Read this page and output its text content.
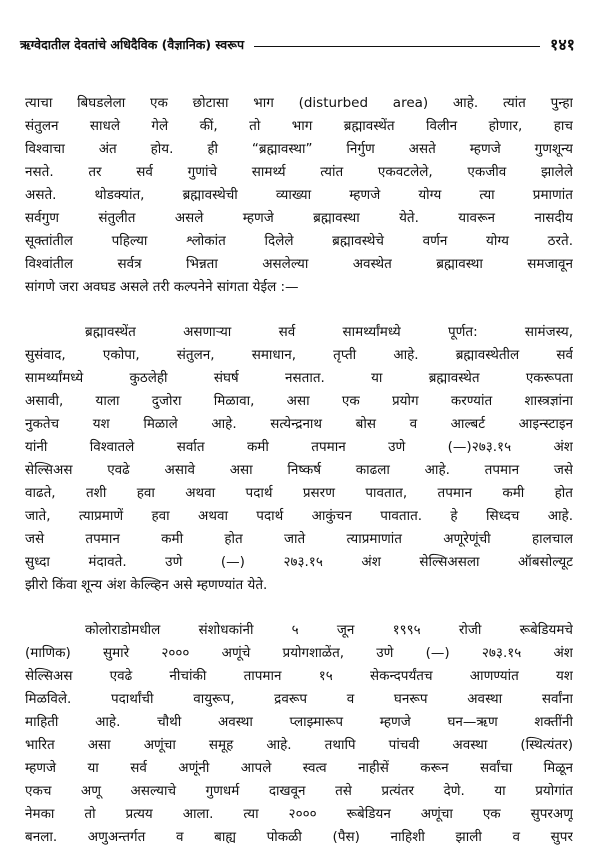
ऋग्वेदातील देवतांचे अधिदैविक (वैज्ञानिक) स्वरूप	१४१
त्याचा बिघडलेला एक छोटासा भाग (disturbed area) आहे. त्यांत पुन्हा
संतुलन साधले गेले कीं, तो भाग ब्रह्मावस्थेंत विलीन होणार, हाच
विश्वाचा अंत होय. ही “ब्रह्मावस्था” निर्गुण असते म्हणजे गुणशून्य
नसते. तर सर्व गुणांचे सामर्थ्य त्यांत एकवटलेले, एकजीव झालेले
असते. थोडक्यांत, ब्रह्मावस्थेची व्याख्या म्हणजे योग्य त्या प्रमाणांत
सर्वगुण संतुलीत असले म्हणजे ब्रह्मावस्था येते. यावरून नासदीय
सूक्तांतील पहिल्या श्लोकांत दिलेले ब्रह्मावस्थेचे वर्णन योग्य ठरते.
विश्वांतील सर्वत्र भिन्नता असलेल्या अवस्थेत ब्रह्मावस्था समजावून
सांगणे जरा अवघड असले तरी कल्पनेने सांगता येईल :—
ब्रह्मावस्थेंत असणाऱ्या सर्व सामर्थ्यांमध्ये पूर्णत: सामंजस्य,
सुसंवाद, एकोपा, संतुलन, समाधान, तृप्ती आहे. ब्रह्मावस्थेतील सर्व
सामर्थ्यांमध्ये कुठलेही संघर्ष नसतात. या ब्रह्मावस्थेत एकरूपता
असावी, याला दुजोरा मिळावा, असा एक प्रयोग करण्यांत शास्त्रज्ञांना
नुकतेच यश मिळाले आहे. सत्येन्द्रनाथ बोस व आल्बर्ट आइन्स्टाइन
यांनी विश्वातले सर्वात कमी तपमान उणे (—)२७३.१५ अंश
सेल्सिअस एवढे असावे असा निष्कर्ष काढला आहे. तपमान जसे
वाढते, तशी हवा अथवा पदार्थ प्रसरण पावतात, तपमान कमी होत
जाते, त्याप्रमाणें हवा अथवा पदार्थ आकुंचन पावतात. हे सिध्दच आहे.
जसे तपमान कमी होत जाते त्याप्रमाणांत अणूरेणूंची हालचाल
सुध्दा मंदावते. उणे (—) २७३.१५ अंश सेल्सिअसला ऑबसोल्यूट
झीरो किंवा शून्य अंश केल्व्हिन असे म्हणण्यांत येते.
कोलोराडोमधील संशोधकांनी ५ जून १९९५ रोजी रूबेडियमचे
(माणिक) सुमारे २००० अणूंचे प्रयोगशाळेंत, उणे (—) २७३.१५ अंश
सेल्सिअस एवढे नीचांकी तापमान १५ सेकन्दपर्यंतच आणण्यांत यश
मिळविले. पदार्थांची वायुरूप, द्रवरूप व घनरूप अवस्था सर्वांना
माहिती आहे. चौथी अवस्था प्लाझ्मारूप म्हणजे घन—ऋण शक्तींनी
भारित असा अणूंचा समूह आहे. तथापि पांचवी अवस्था (स्थित्यंतर)
म्हणजे या सर्व अणूंनी आपले स्वत्व नाहीसें करून सर्वांचा मिळून
एकच अणू असल्याचे गुणधर्म दाखवून तसे प्रत्यंतर देणे. या प्रयोगांत
नेमका तो प्रत्यय आला. त्या २००० रूबेडियन अणूंचा एक सुपरअणू
बनला. अणुअन्तर्गत व बाह्य पोकळी (पैस) नाहिशी झाली व सुपर
